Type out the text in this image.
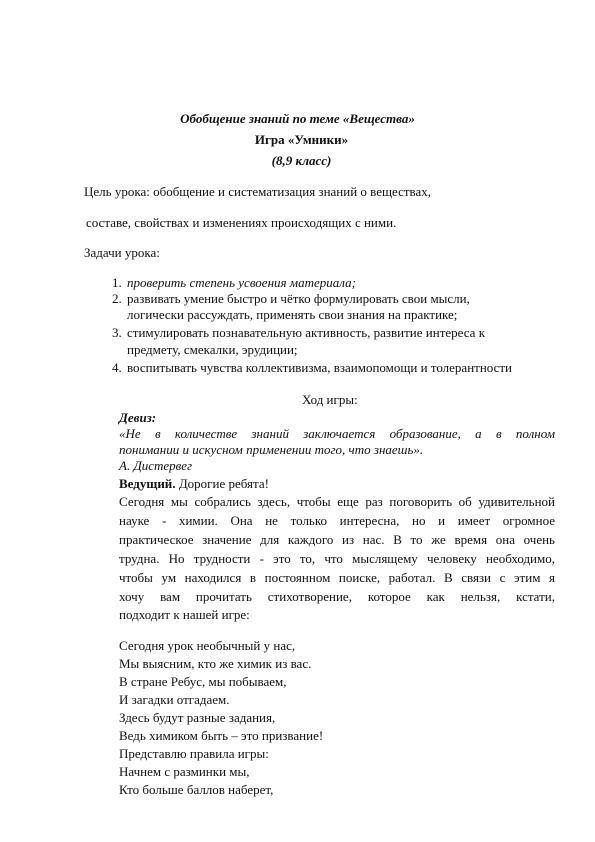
Обобщение знаний по теме «Вещества»
Игра «Умники»
(8,9 класс)
Цель урока: обобщение и систематизация знаний о веществах,
составе, свойствах и изменениях происходящих с ними.
Задачи урока:
1. проверить степень усвоения материала;
2. развивать умение быстро и чётко формулировать свои мысли,
логически рассуждать, применять свои знания на практике;
3. стимулировать познавательную активность, развитие интереса к
предмету, смекалки, эрудиции;
4. воспитывать чувства коллективизма, взаимопомощи и толерантности
Ход игры:
Девиз:
«Не в количестве знаний заключается образование, а в полном
понимании и искусном применении того, что знаешь».
А. Дистервег
Ведущий. Дорогие ребята!
Сегодня мы собрались здесь, чтобы еще раз поговорить об удивительной
науке - химии. Она не только интересна, но и имеет огромное
практическое значение для каждого из нас. В то же время она очень
трудна. Но трудности - это то, что мыслящему человеку необходимо,
чтобы ум находился в постоянном поиске, работал. В связи с этим я
хочу вам прочитать стихотворение, которое как нельзя, кстати,
подходит к нашей игре:
Сегодня урок необычный у нас,
Мы выясним, кто же химик из вас.
В стране Ребус, мы побываем,
И загадки отгадаем.
Здесь будут разные задания,
Ведь химиком быть – это призвание!
Представлю правила игры:
Начнем с разминки мы,
Кто больше баллов наберет,
